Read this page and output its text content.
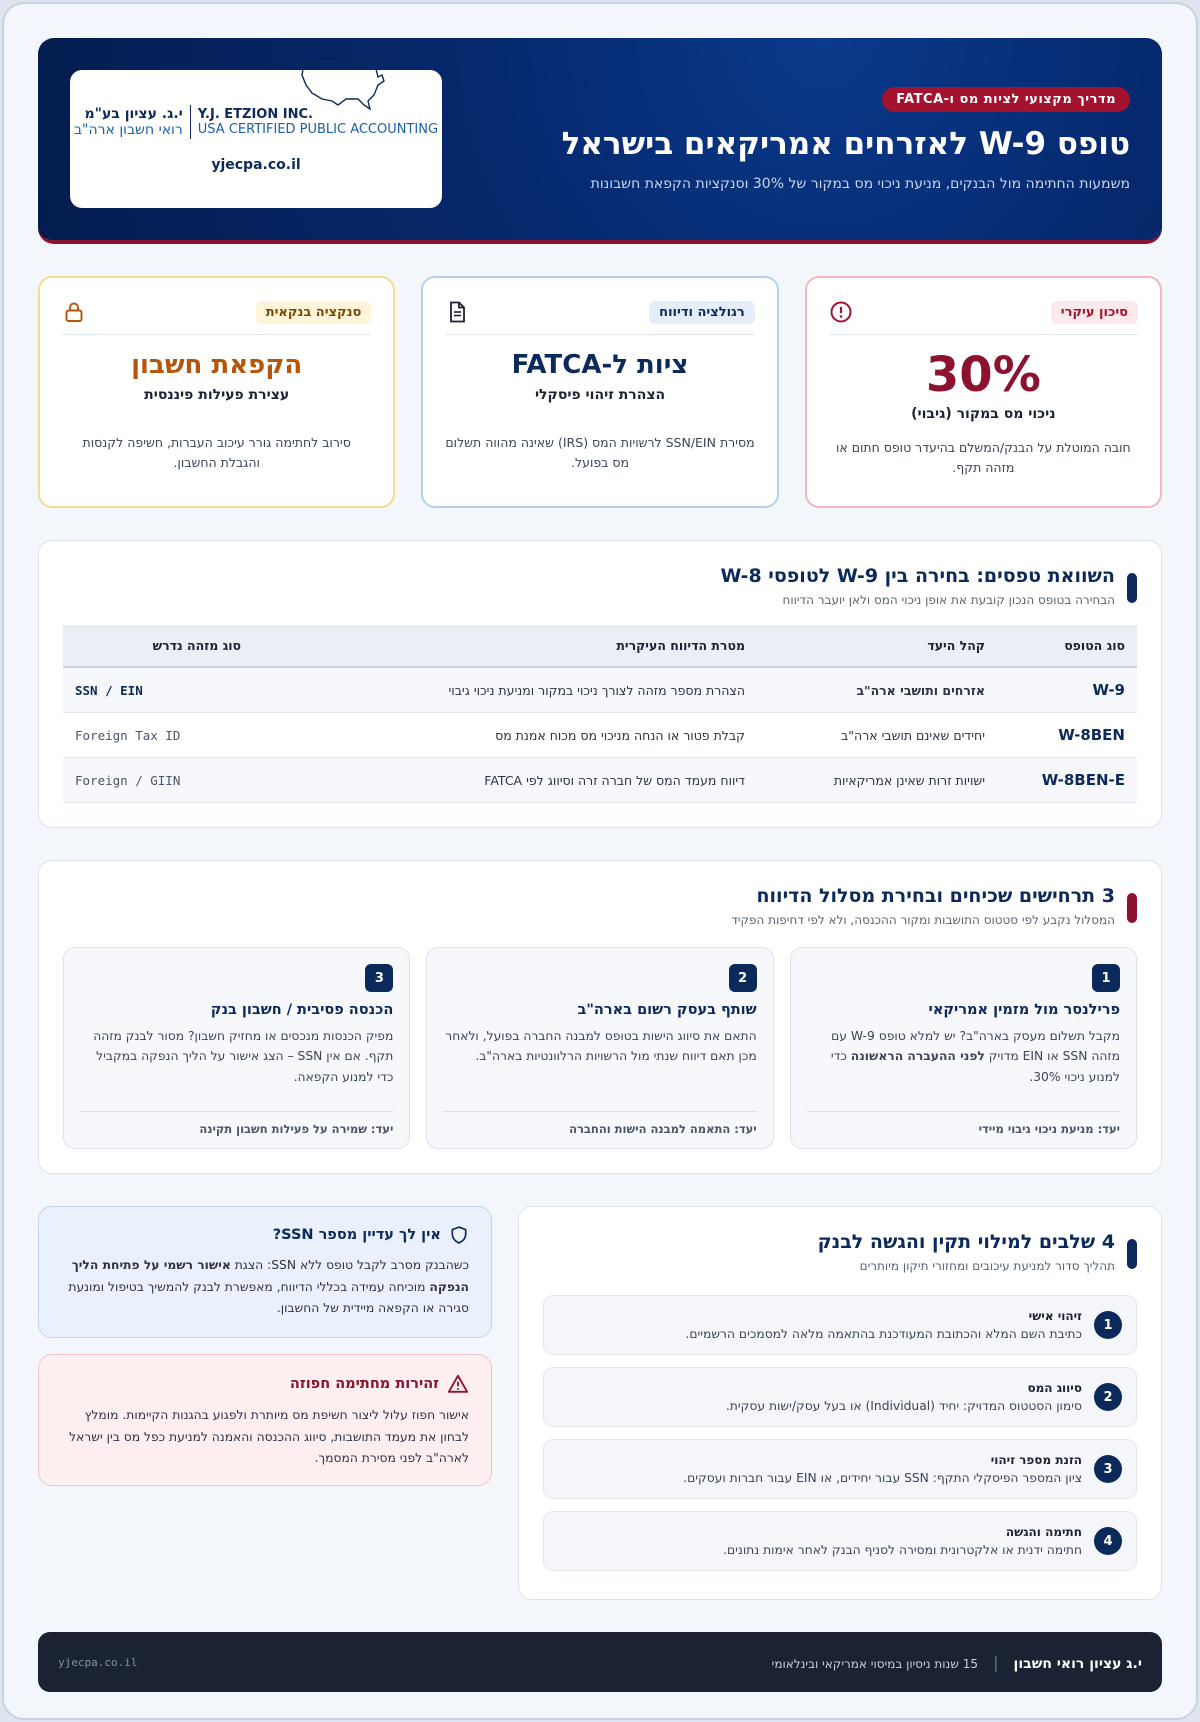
מדריך מקצועי לציות מס ו-FATCA
טופס W-9 לאזרחים אמריקאים בישראל

משמעות החתימה מול הבנקים, מניעת ניכוי מס במקור של 30% וסנקציות הקפאת חשבונות

י.ג. עציון בע"מ
רואי חשבון ארה"ב
Y.J. ETZION INC.
USA CERTIFIED PUBLIC ACCOUNTING
yjecpa.co.il
סיכון עיקרי
30%
ניכוי מס במקור (גיבוי)

חובה המוטלת על הבנק/המשלם בהיעדר טופס חתום או מזהה תקף.

רגולציה ודיווח
ציות ל-FATCA
הצהרת זיהוי פיסקלי

מסירת SSN/EIN לרשויות המס (IRS) שאינה מהווה תשלום מס בפועל.

סנקציה בנקאית
הקפאת חשבון
עצירת פעילות פיננסית

סירוב לחתימה גורר עיכוב העברות, חשיפה לקנסות והגבלת החשבון.

השוואת טפסים: בחירה בין W-9 לטופסי W-8

הבחירה בטופס הנכון קובעת את אופן ניכוי המס ולאן יועבר הדיווח

סוג הטופס	קהל היעד	מטרת הדיווח העיקרית	סוג מזהה נדרש
W-9	אזרחים ותושבי ארה"ב	הצהרת מספר מזהה לצורך ניכוי במקור ומניעת ניכוי גיבוי	SSN / EIN
W-8BEN	יחידים שאינם תושבי ארה"ב	קבלת פטור או הנחה מניכוי מס מכוח אמנת מס	Foreign Tax ID
W-8BEN-E	ישויות זרות שאינן אמריקאיות	דיווח מעמד המס של חברה זרה וסיווג לפי FATCA	Foreign / GIIN
3 תרחישים שכיחים ובחירת מסלול הדיווח

המסלול נקבע לפי סטטוס התושבות ומקור ההכנסה, ולא לפי דחיפות הפקיד

1
פרילנסר מול מזמין אמריקאי

מקבל תשלום מעסק בארה"ב? יש למלא טופס W-9 עם מזהה SSN או EIN מדויק לפני ההעברה הראשונה כדי למנוע ניכוי 30%.

יעד: מניעת ניכוי גיבוי מיידי
2
שותף בעסק רשום בארה"ב

התאם את סיווג הישות בטופס למבנה החברה בפועל, ולאחר מכן תאם דיווח שנתי מול הרשויות הרלוונטיות בארה"ב.

יעד: התאמה למבנה הישות והחברה
3
הכנסה פסיבית / חשבון בנק

מפיק הכנסות מנכסים או מחזיק חשבון? מסור לבנק מזהה תקף. אם אין SSN – הצג אישור על הליך הנפקה במקביל כדי למנוע הקפאה.

יעד: שמירה על פעילות חשבון תקינה
4 שלבים למילוי תקין והגשה לבנק

תהליך סדור למניעת עיכובים ומחזורי תיקון מיותרים

1
זיהוי אישי
כתיבת השם המלא והכתובת המעודכנת בהתאמה מלאה למסמכים הרשמיים.
2
סיווג המס
סימון הסטטוס המדויק: יחיד (Individual) או בעל עסק/ישות עסקית.
3
הזנת מספר זיהוי
ציון המספר הפיסקלי התקף: SSN עבור יחידים, או EIN עבור חברות ועסקים.
4
חתימה והגשה
חתימה ידנית או אלקטרונית ומסירה לסניף הבנק לאחר אימות נתונים.
אין לך עדיין מספר SSN?

כשהבנק מסרב לקבל טופס ללא SSN: הצגת אישור רשמי על פתיחת הליך הנפקה מוכיחה עמידה בכללי הדיווח, מאפשרת לבנק להמשיך בטיפול ומונעת סגירה או הקפאה מיידית של החשבון.

זהירות מחתימה חפוזה

אישור חפוז עלול ליצור חשיפת מס מיותרת ולפגוע בהגנות הקיימות. מומלץ לבחון את מעמד התושבות, סיווג ההכנסה והאמנה למניעת כפל מס בין ישראל לארה"ב לפני מסירת המסמך.

י.ג עציון רואי חשבון | 15 שנות ניסיון במיסוי אמריקאי ובינלאומי
yjecpa.co.il
